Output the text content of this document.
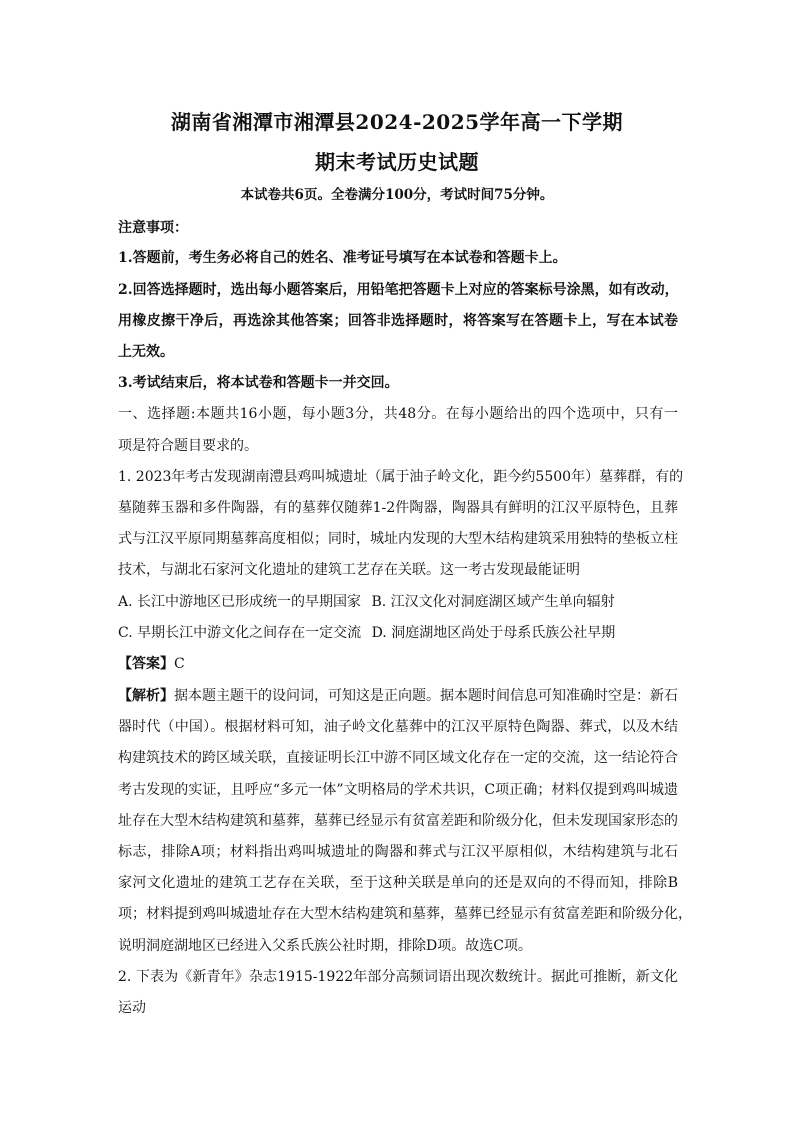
湖南省湘潭市湘潭县2024-2025学年高一下学期
期末考试历史试题
本试卷共6页。全卷满分100分，考试时间75分钟。
注意事项：
1.答题前，考生务必将自己的姓名、准考证号填写在本试卷和答题卡上。
2.回答选择题时，选出每小题答案后，用铅笔把答题卡上对应的答案标号涂黑，如有改动，
用橡皮擦干净后，再选涂其他答案；回答非选择题时，将答案写在答题卡上，写在本试卷
上无效。
3.考试结束后，将本试卷和答题卡一并交回。
一、选择题:本题共16小题，每小题3分，共48分。在每小题给出的四个选项中，只有一
项是符合题目要求的。
1. 2023年考古发现湖南澧县鸡叫城遗址（属于油子岭文化，距今约5500年）墓葬群，有的
墓随葬玉器和多件陶器，有的墓葬仅随葬1-2件陶器，陶器具有鲜明的江汉平原特色，且葬
式与江汉平原同期墓葬高度相似；同时，城址内发现的大型木结构建筑采用独特的垫板立柱
技术，与湖北石家河文化遗址的建筑工艺存在关联。这一考古发现最能证明
A. 长江中游地区已形成统一的早期国家 B. 江汉文化对洞庭湖区域产生单向辐射
C. 早期长江中游文化之间存在一定交流 D. 洞庭湖地区尚处于母系氏族公社早期
【答案】C
【解析】据本题主题干的设问词，可知这是正向题。据本题时间信息可知准确时空是：新石
器时代（中国）。根据材料可知，油子岭文化墓葬中的江汉平原特色陶器、葬式，以及木结
构建筑技术的跨区域关联，直接证明长江中游不同区域文化存在一定的交流，这一结论符合
考古发现的实证，且呼应“多元一体”文明格局的学术共识，C项正确；材料仅提到鸡叫城遗
址存在大型木结构建筑和墓葬，墓葬已经显示有贫富差距和阶级分化，但未发现国家形态的
标志，排除A项；材料指出鸡叫城遗址的陶器和葬式与江汉平原相似，木结构建筑与北石
家河文化遗址的建筑工艺存在关联，至于这种关联是单向的还是双向的不得而知，排除B
项；材料提到鸡叫城遗址存在大型木结构建筑和墓葬，墓葬已经显示有贫富差距和阶级分化，
说明洞庭湖地区已经进入父系氏族公社时期，排除D项。故选C项。
2. 下表为《新青年》杂志1915-1922年部分高频词语出现次数统计。据此可推断，新文化
运动
